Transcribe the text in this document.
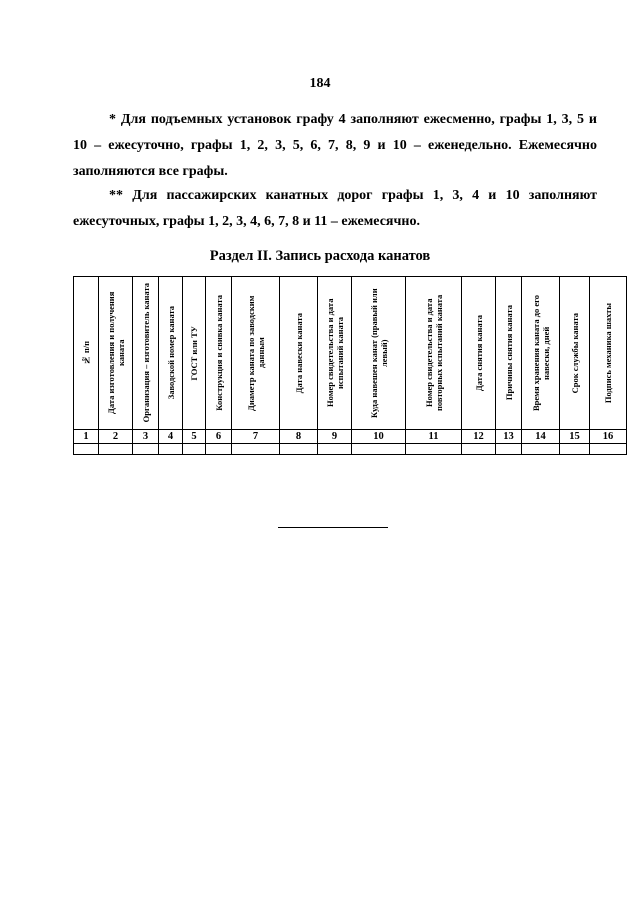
184

* Для подъемных установок графу 4 заполняют ежесменно, графы 1, 3, 5 и 10 – ежесуточно, графы 1, 2, 3, 5, 6, 7, 8, 9 и 10 – еженедельно. Ежемесячно заполняются все графы.

** Для пассажирских канатных дорог графы 1, 3, 4 и 10 заполняют ежесуточных, графы 1, 2, 3, 4, 6, 7, 8 и 11 – ежемесячно.

Раздел II. Запись расхода канатов
№ п/п	Дата изготовления и получения каната	Организация – изготовитель каната	Заводской номер каната	ГОСТ или ТУ	Конструкция и свивка каната	Диаметр каната по заводским данным	Дата навески каната	Номер свидетельства и дата испытаний каната	Куда навешен канат (правый или левый)	Номер свидетельства и дата повторных испытаний каната	Дата снятия каната	Причины снятия каната	Время хранения каната до его навески, дней	Срок службы каната	Подпись механика шахты

1	2	3	4	5	6	7	8	9	10	11	12	13	14	15	16
